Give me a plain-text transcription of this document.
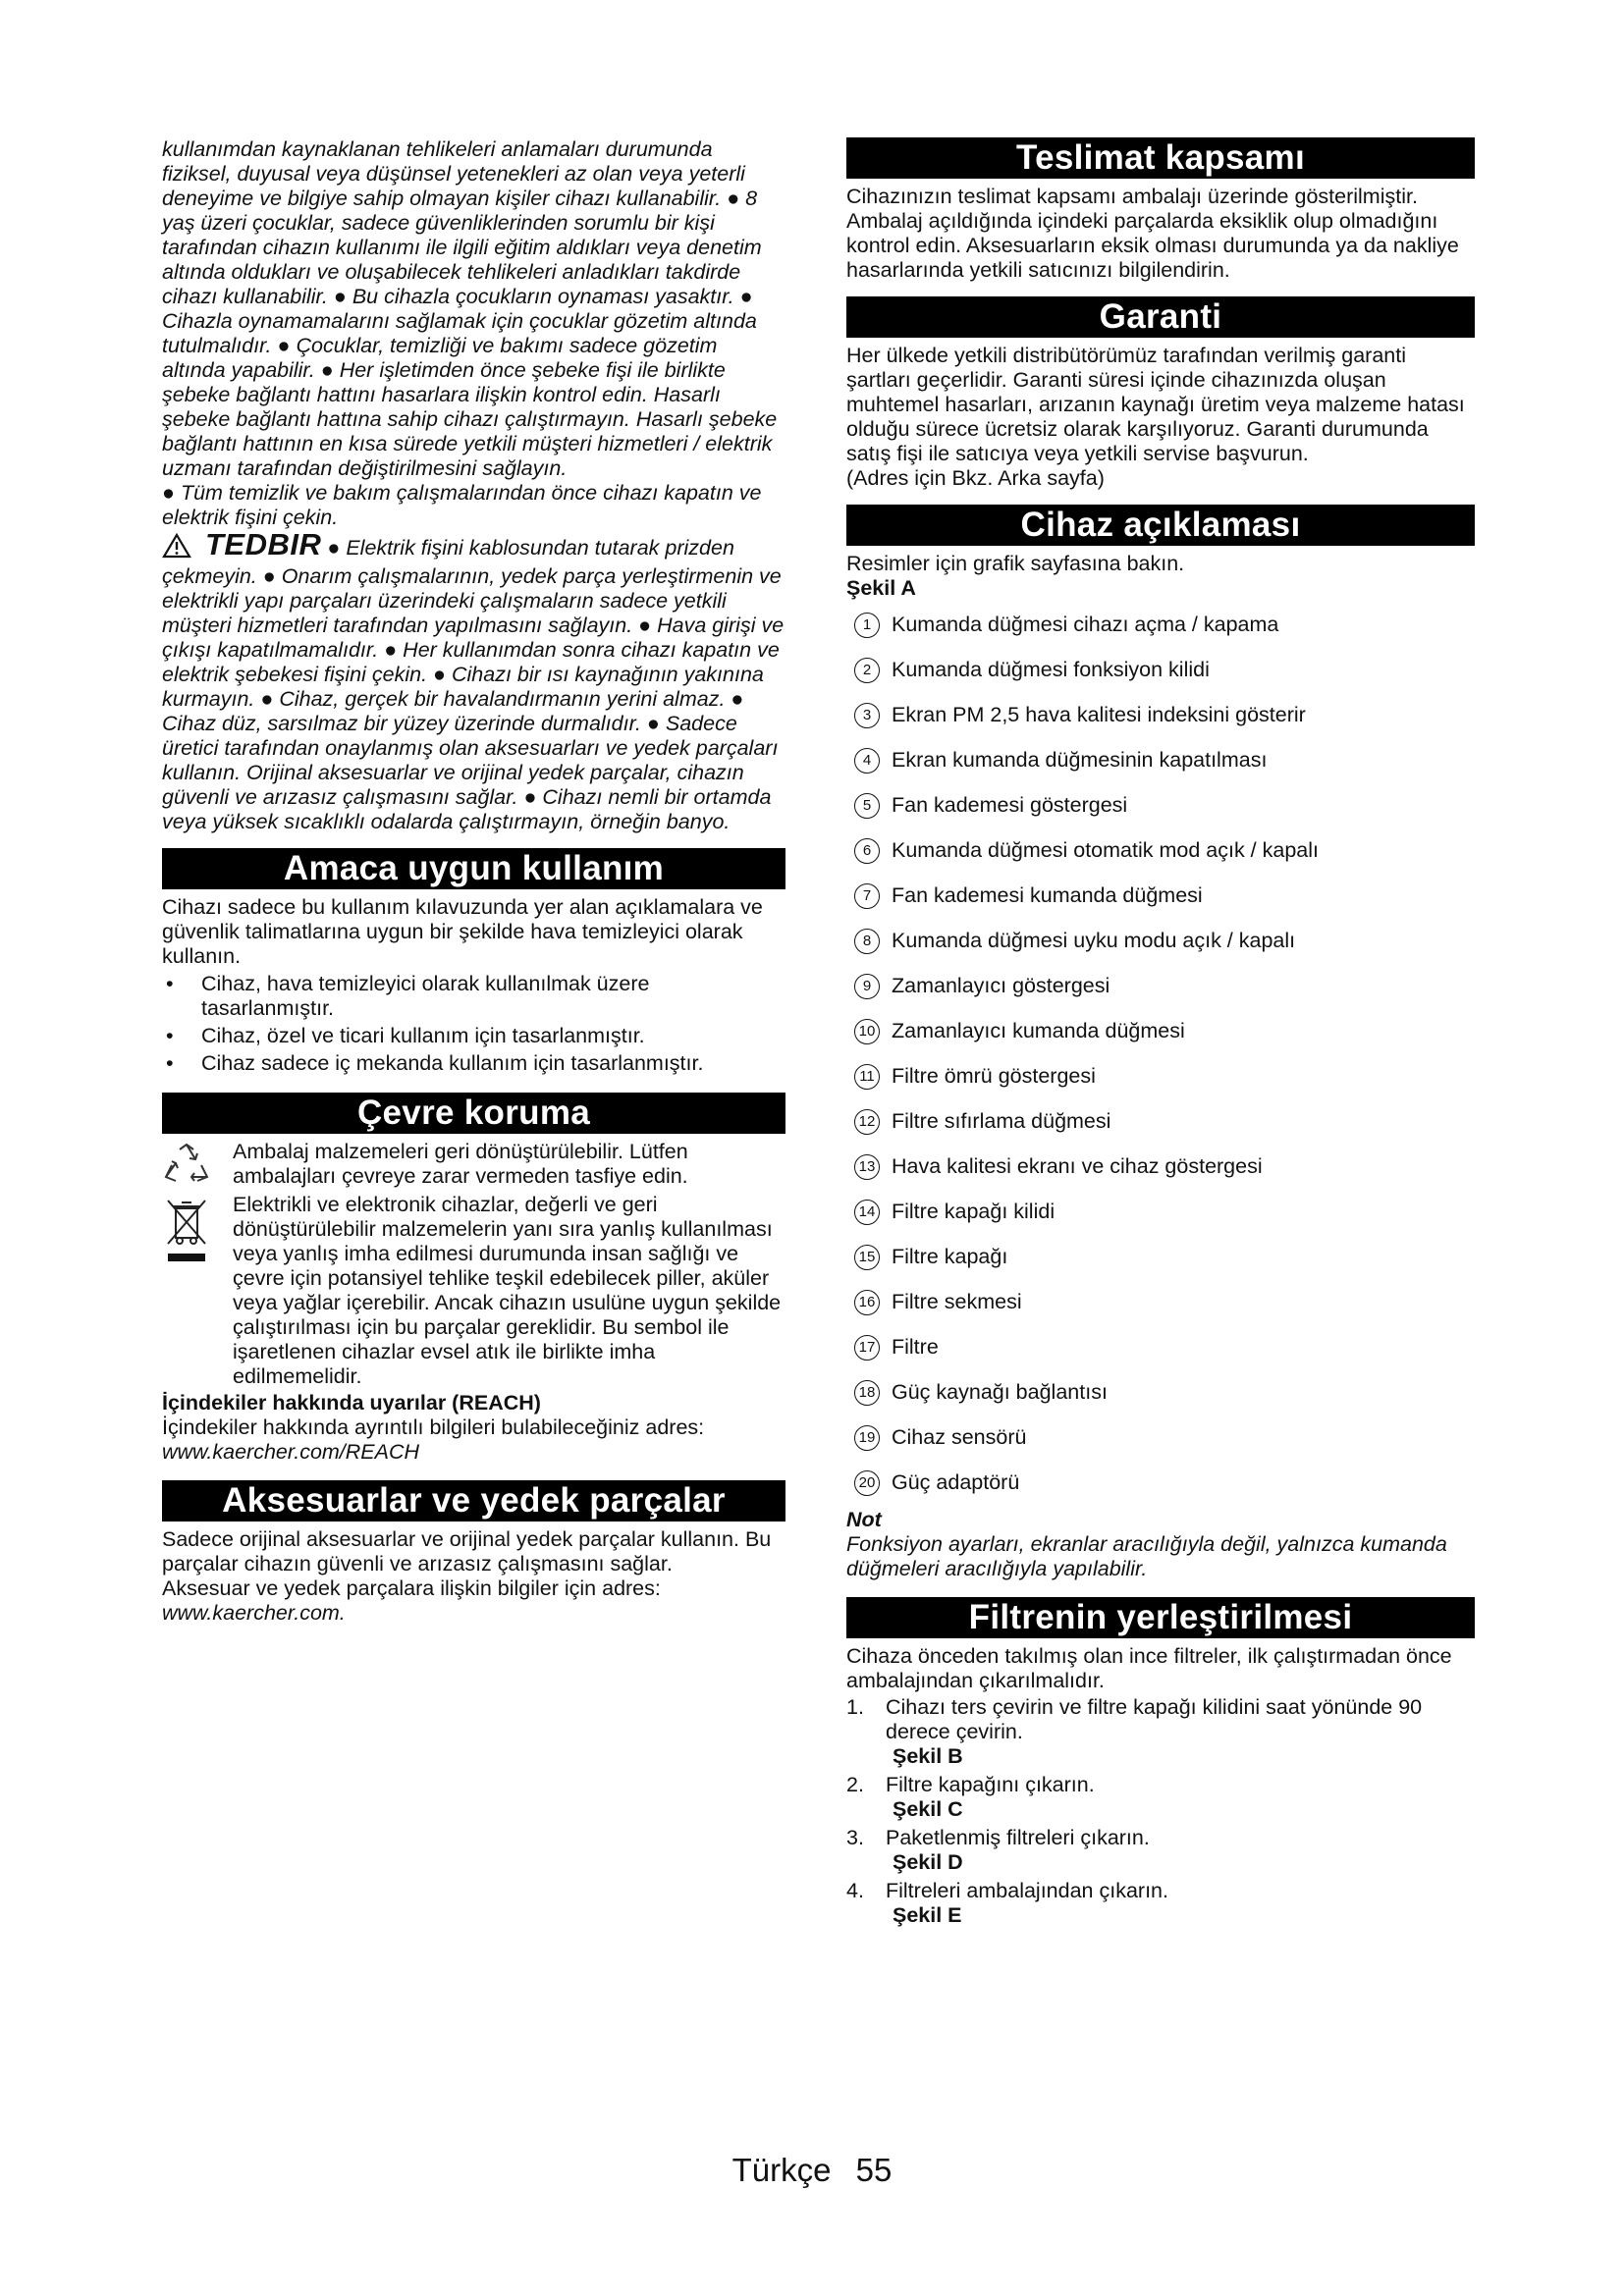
kullanımdan kaynaklanan tehlikeleri anlamaları durumunda fiziksel, duyusal veya düşünsel yetenekleri az olan veya yeterli deneyime ve bilgiye sahip olmayan kişiler cihazı kullanabilir. ● 8 yaş üzeri çocuklar, sadece güvenliklerinden sorumlu bir kişi tarafından cihazın kullanımı ile ilgili eğitim aldıkları veya denetim altında oldukları ve oluşabilecek tehlikeleri anladıkları takdirde cihazı kullanabilir. ● Bu cihazla çocukların oynaması yasaktır. ● Cihazla oynamamalarını sağlamak için çocuklar gözetim altında tutulmalıdır. ● Çocuklar, temizliği ve bakımı sadece gözetim altında yapabilir. ● Her işletimden önce şebeke fişi ile birlikte şebeke bağlantı hattını hasarlara ilişkin kontrol edin. Hasarlı şebeke bağlantı hattına sahip cihazı çalıştırmayın. Hasarlı şebeke bağlantı hattının en kısa sürede yetkili müşteri hizmetleri / elektrik uzmanı tarafından değiştirilmesini sağlayın.

● Tüm temizlik ve bakım çalışmalarından önce cihazı kapatın ve elektrik fişini çekin.

TEDBIR ● Elektrik fişini kablosundan tutarak prizden çekmeyin. ● Onarım çalışmalarının, yedek parça yerleştirmenin ve elektrikli yapı parçaları üzerindeki çalışmaların sadece yetkili müşteri hizmetleri tarafından yapılmasını sağlayın. ● Hava girişi ve çıkışı kapatılmamalıdır. ● Her kullanımdan sonra cihazı kapatın ve elektrik şebekesi fişini çekin. ● Cihazı bir ısı kaynağının yakınına kurmayın. ● Cihaz, gerçek bir havalandırmanın yerini almaz. ● Cihaz düz, sarsılmaz bir yüzey üzerinde durmalıdır. ● Sadece üretici tarafından onaylanmış olan aksesuarları ve yedek parçaları kullanın. Orijinal aksesuarlar ve orijinal yedek parçalar, cihazın güvenli ve arızasız çalışmasını sağlar. ● Cihazı nemli bir ortamda veya yüksek sıcaklıklı odalarda çalıştırmayın, örneğin banyo.

Amaca uygun kullanım

Cihazı sadece bu kullanım kılavuzunda yer alan açıklamalara ve güvenlik talimatlarına uygun bir şekilde hava temizleyici olarak kullanın.

• Cihaz, hava temizleyici olarak kullanılmak üzere tasarlanmıştır.
• Cihaz, özel ve ticari kullanım için tasarlanmıştır.
• Cihaz sadece iç mekanda kullanım için tasarlanmıştır.
Çevre koruma

Ambalaj malzemeleri geri dönüştürülebilir. Lütfen ambalajları çevreye zarar vermeden tasfiye edin.

Elektrikli ve elektronik cihazlar, değerli ve geri dönüştürülebilir malzemelerin yanı sıra yanlış kullanılması veya yanlış imha edilmesi durumunda insan sağlığı ve çevre için potansiyel tehlike teşkil edebilecek piller, aküler veya yağlar içerebilir. Ancak cihazın usulüne uygun şekilde çalıştırılması için bu parçalar gereklidir. Bu sembol ile işaretlenen cihazlar evsel atık ile birlikte imha edilmemelidir.

İçindekiler hakkında uyarılar (REACH)

İçindekiler hakkında ayrıntılı bilgileri bulabileceğiniz adres: www.kaercher.com/REACH

Aksesuarlar ve yedek parçalar

Sadece orijinal aksesuarlar ve orijinal yedek parçalar kullanın. Bu parçalar cihazın güvenli ve arızasız çalışmasını sağlar.

Aksesuar ve yedek parçalara ilişkin bilgiler için adres:

www.kaercher.com.

Teslimat kapsamı

Cihazınızın teslimat kapsamı ambalajı üzerinde gösterilmiştir. Ambalaj açıldığında içindeki parçalarda eksiklik olup olmadığını kontrol edin. Aksesuarların eksik olması durumunda ya da nakliye hasarlarında yetkili satıcınızı bilgilendirin.

Garanti

Her ülkede yetkili distribütörümüz tarafından verilmiş garanti şartları geçerlidir. Garanti süresi içinde cihazınızda oluşan muhtemel hasarları, arızanın kaynağı üretim veya malzeme hatası olduğu sürece ücretsiz olarak karşılıyoruz. Garanti durumunda satış fişi ile satıcıya veya yetkili servise başvurun.

(Adres için Bkz. Arka sayfa)

Cihaz açıklaması

Resimler için grafik sayfasına bakın.

Şekil A

1 Kumanda düğmesi cihazı açma / kapama
2 Kumanda düğmesi fonksiyon kilidi
3 Ekran PM 2,5 hava kalitesi indeksini gösterir
4 Ekran kumanda düğmesinin kapatılması
5 Fan kademesi göstergesi
6 Kumanda düğmesi otomatik mod açık / kapalı
7 Fan kademesi kumanda düğmesi
8 Kumanda düğmesi uyku modu açık / kapalı
9 Zamanlayıcı göstergesi
10 Zamanlayıcı kumanda düğmesi
11 Filtre ömrü göstergesi
12 Filtre sıfırlama düğmesi
13 Hava kalitesi ekranı ve cihaz göstergesi
14 Filtre kapağı kilidi
15 Filtre kapağı
16 Filtre sekmesi
17 Filtre
18 Güç kaynağı bağlantısı
19 Cihaz sensörü
20 Güç adaptörü

Not

Fonksiyon ayarları, ekranlar aracılığıyla değil, yalnızca kumanda düğmeleri aracılığıyla yapılabilir.

Filtrenin yerleştirilmesi

Cihaza önceden takılmış olan ince filtreler, ilk çalıştırmadan önce ambalajından çıkarılmalıdır.

1. Cihazı ters çevirin ve filtre kapağı kilidini saat yönünde 90 derece çevirin.
Şekil B
2. Filtre kapağını çıkarın.
Şekil C
3. Paketlenmiş filtreleri çıkarın.
Şekil D
4. Filtreleri ambalajından çıkarın.
Şekil E
Türkçe 55
